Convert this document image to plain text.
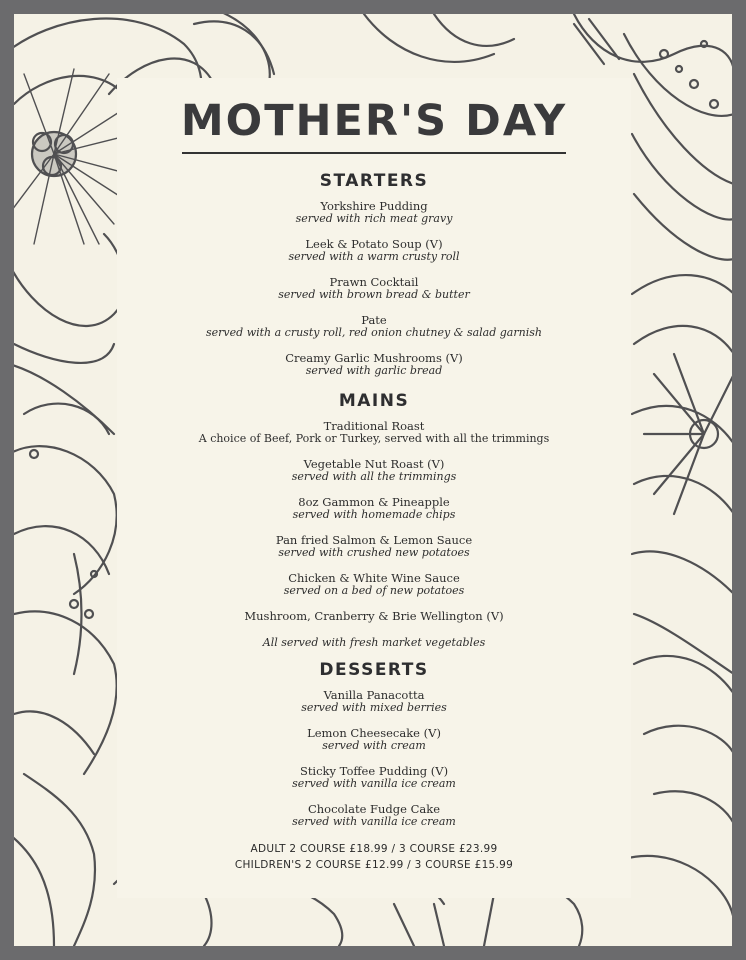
MOTHER'S DAY
STARTERS
Yorkshire Pudding
served with rich meat gravy
Leek & Potato Soup (V)
served with a warm crusty roll
Prawn Cocktail
served with brown bread & butter
Pate
served with a crusty roll, red onion chutney & salad garnish
Creamy Garlic Mushrooms (V)
served with garlic bread
MAINS
Traditional Roast
A choice of Beef, Pork or Turkey, served with all the trimmings
Vegetable Nut Roast (V)
served with all the trimmings
8oz Gammon & Pineapple
served with homemade chips
Pan fried Salmon & Lemon Sauce
served with crushed new potatoes
Chicken & White Wine Sauce
served on a bed of new potatoes
Mushroom, Cranberry & Brie Wellington (V)
All served with fresh market vegetables
DESSERTS
Vanilla Panacotta
served with mixed berries
Lemon Cheesecake (V)
served with cream
Sticky Toffee Pudding (V)
served with vanilla ice cream
Chocolate Fudge Cake
served with vanilla ice cream
ADULT 2 COURSE £18.99 / 3 COURSE £23.99
CHILDREN'S 2 COURSE £12.99 / 3 COURSE £15.99
